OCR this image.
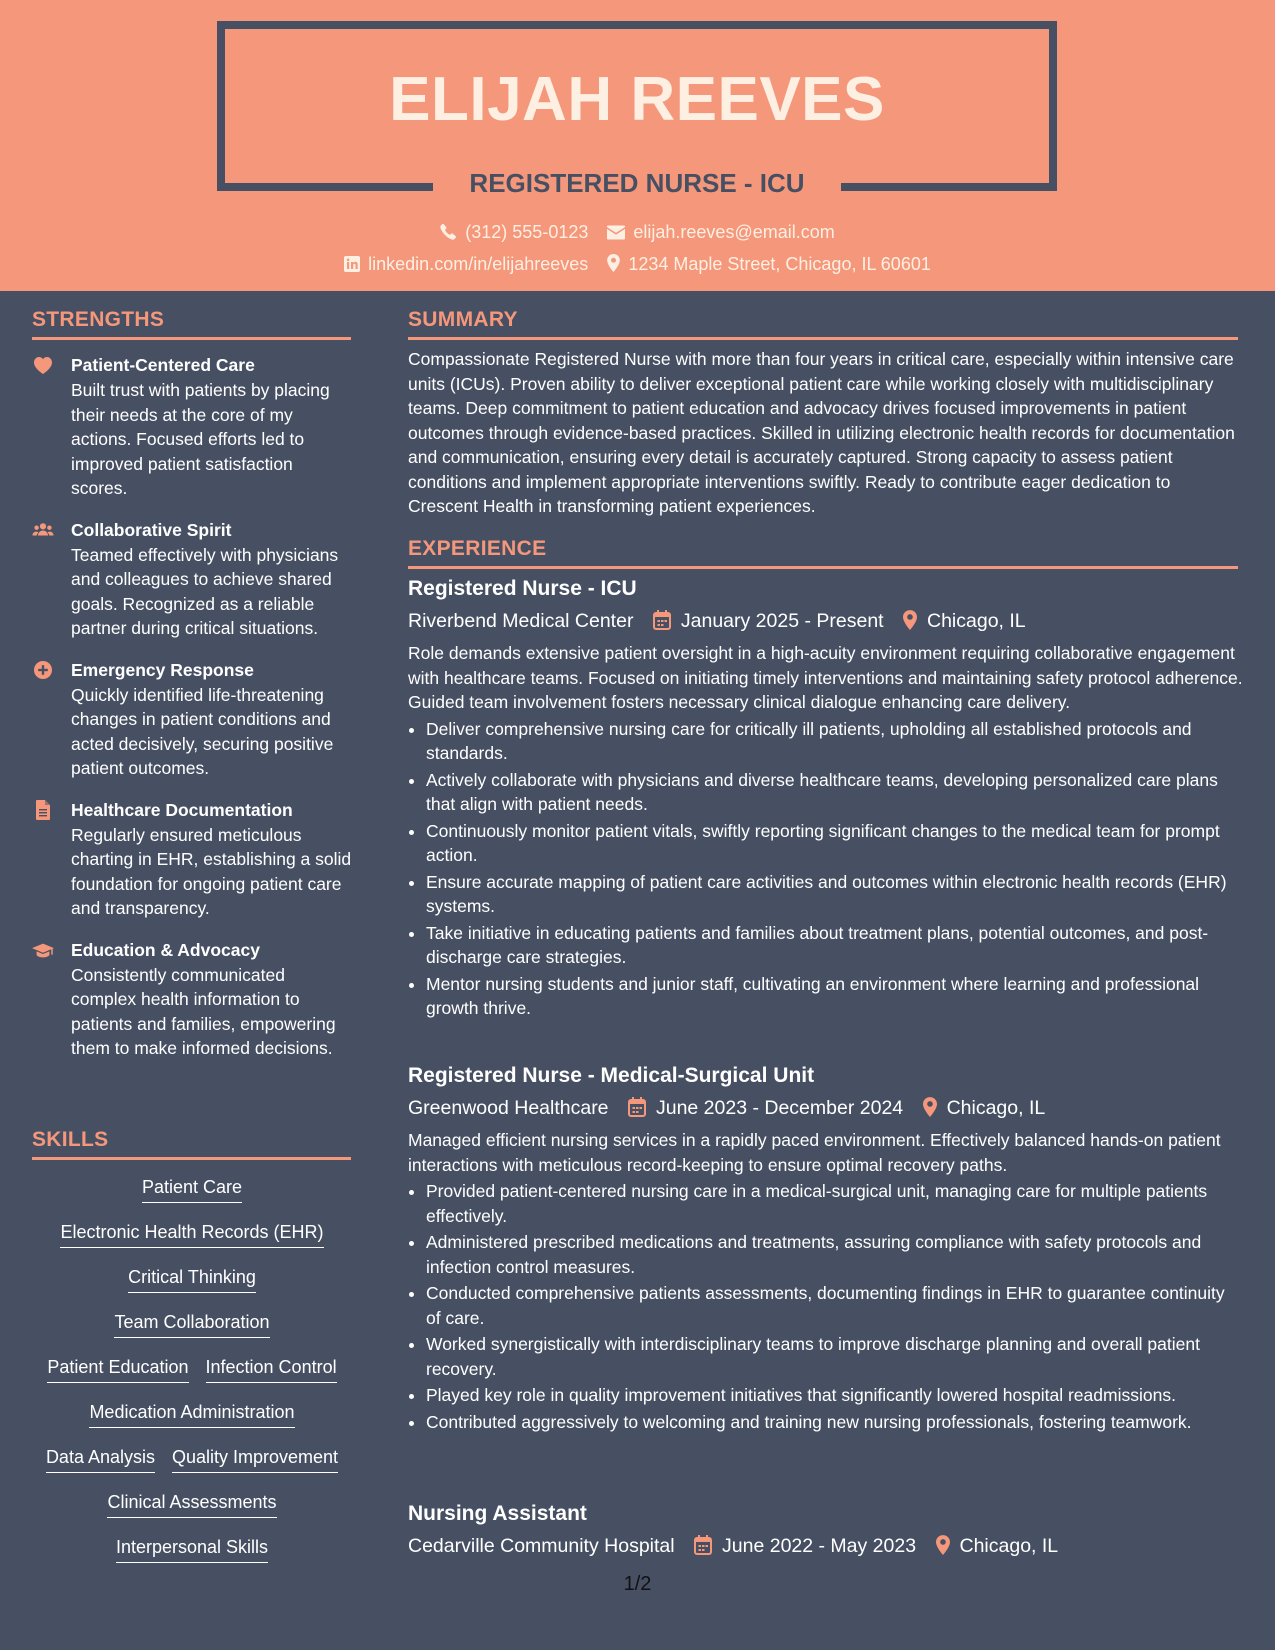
ELIJAH REEVES
REGISTERED NURSE - ICU
(312) 555-0123	elijah.reeves@email.com
linkedin.com/in/elijahreeves 1234 Maple Street, Chicago, IL 60601
STRENGTHS
Patient-Centered Care
Built trust with patients by placing their needs at the core of my actions. Focused efforts led to improved patient satisfaction scores.
Collaborative Spirit
Teamed effectively with physicians and colleagues to achieve shared goals. Recognized as a reliable partner during critical situations.
Emergency Response
Quickly identified life-threatening changes in patient conditions and acted decisively, securing positive patient outcomes.
Healthcare Documentation
Regularly ensured meticulous charting in EHR, establishing a solid foundation for ongoing patient care and transparency.
Education & Advocacy
Consistently communicated complex health information to patients and families, empowering them to make informed decisions.
SKILLS
Patient Care
Electronic Health Records (EHR)
Critical Thinking
Team Collaboration
Patient Education Infection Control
Medication Administration
Data Analysis Quality Improvement
Clinical Assessments
Interpersonal Skills
SUMMARY
Compassionate Registered Nurse with more than four years in critical care, especially within intensive care units (ICUs). Proven ability to deliver exceptional patient care while working closely with multidisciplinary teams. Deep commitment to patient education and advocacy drives focused improvements in patient outcomes through evidence-based practices. Skilled in utilizing electronic health records for documentation and communication, ensuring every detail is accurately captured. Strong capacity to assess patient conditions and implement appropriate interventions swiftly. Ready to contribute eager dedication to Crescent Health in transforming patient experiences.
EXPERIENCE
Registered Nurse - ICU
Riverbend Medical Center January 2025 - Present Chicago, IL
Role demands extensive patient oversight in a high-acuity environment requiring collaborative engagement with healthcare teams. Focused on initiating timely interventions and maintaining safety protocol adherence. Guided team involvement fosters necessary clinical dialogue enhancing care delivery.
• Deliver comprehensive nursing care for critically ill patients, upholding all established protocols and standards.
• Actively collaborate with physicians and diverse healthcare teams, developing personalized care plans that align with patient needs.
• Continuously monitor patient vitals, swiftly reporting significant changes to the medical team for prompt action.
• Ensure accurate mapping of patient care activities and outcomes within electronic health records (EHR) systems.
• Take initiative in educating patients and families about treatment plans, potential outcomes, and post-discharge care strategies.
• Mentor nursing students and junior staff, cultivating an environment where learning and professional growth thrive.
Registered Nurse - Medical-Surgical Unit
Greenwood Healthcare June 2023 - December 2024 Chicago, IL
Managed efficient nursing services in a rapidly paced environment. Effectively balanced hands-on patient interactions with meticulous record-keeping to ensure optimal recovery paths.
• Provided patient-centered nursing care in a medical-surgical unit, managing care for multiple patients effectively.
• Administered prescribed medications and treatments, assuring compliance with safety protocols and infection control measures.
• Conducted comprehensive patients assessments, documenting findings in EHR to guarantee continuity of care.
• Worked synergistically with interdisciplinary teams to improve discharge planning and overall patient recovery.
• Played key role in quality improvement initiatives that significantly lowered hospital readmissions.
• Contributed aggressively to welcoming and training new nursing professionals, fostering teamwork.
Nursing Assistant
Cedarville Community Hospital June 2022 - May 2023 Chicago, IL
1/2
